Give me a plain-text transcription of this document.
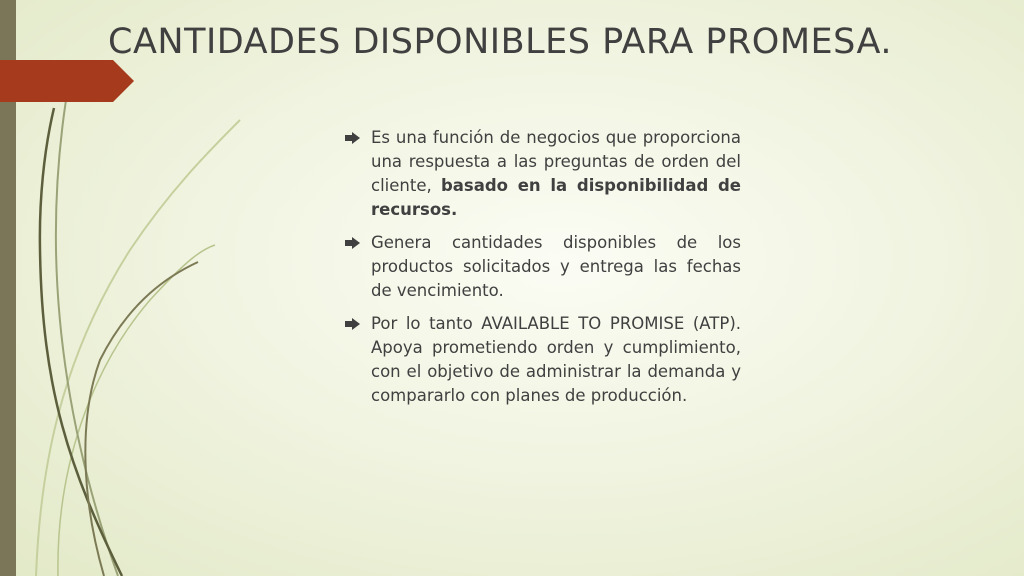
CANTIDADES DISPONIBLES PARA PROMESA.
Es una función de negocios que proporciona una respuesta a las preguntas de orden del cliente, basado en la disponibilidad de recursos.
Genera cantidades disponibles de los productos solicitados y entrega las fechas de vencimiento.
Por lo tanto AVAILABLE TO PROMISE (ATP). Apoya prometiendo orden y cumplimiento, con el objetivo de administrar la demanda y compararlo con planes de producción.
